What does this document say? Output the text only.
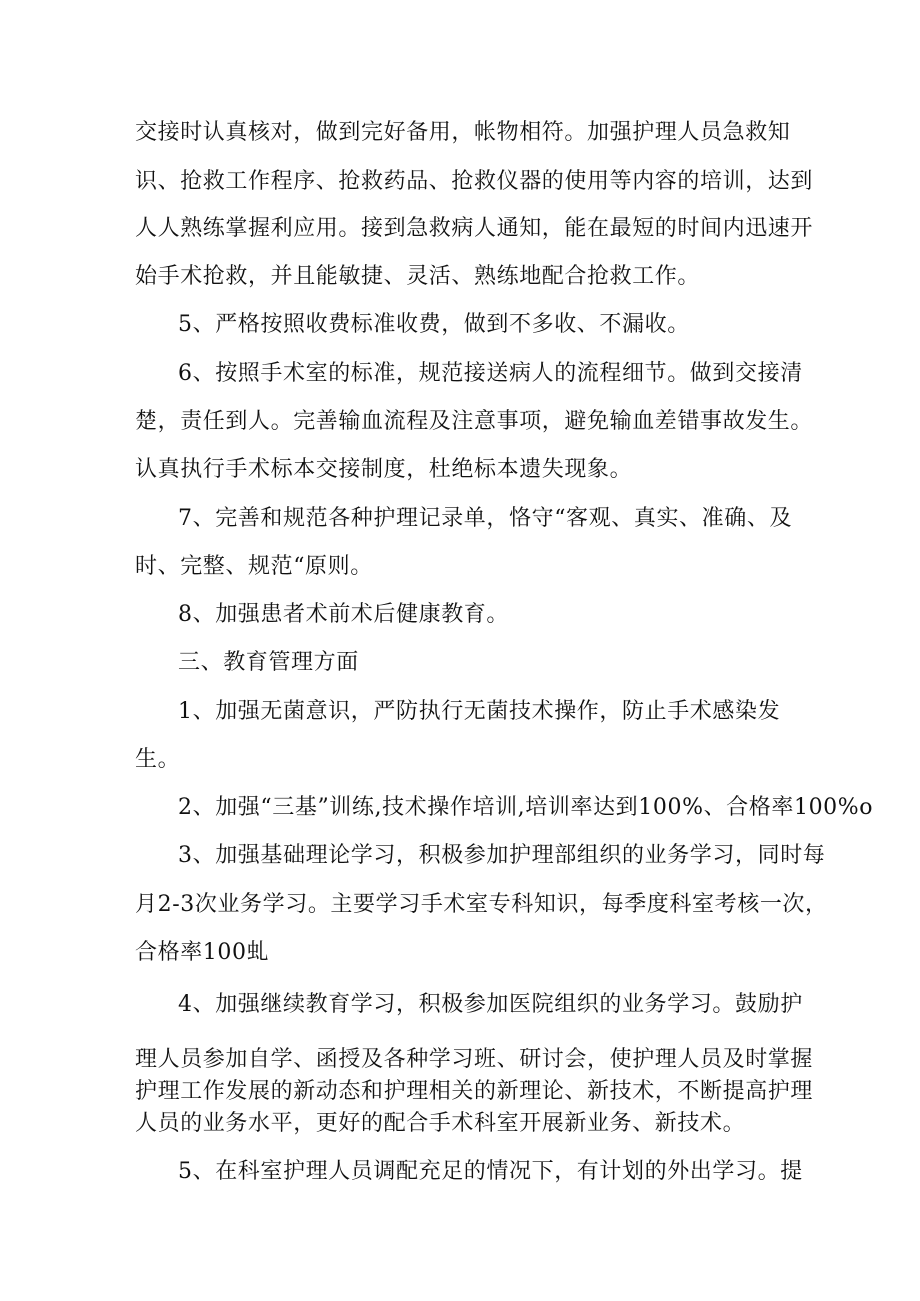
交接时认真核对，做到完好备用，帐物相符。加强护理人员急救知
识、抢救工作程序、抢救药品、抢救仪器的使用等内容的培训，达到
人人熟练掌握利应用。接到急救病人通知，能在最短的时间内迅速开
始手术抢救，并且能敏捷、灵活、熟练地配合抢救工作。
5、严格按照收费标准收费，做到不多收、不漏收。
6、按照手术室的标准，规范接送病人的流程细节。做到交接清
楚，责任到人。完善输血流程及注意事项，避免输血差错事故发生。
认真执行手术标本交接制度，杜绝标本遗失现象。
7、完善和规范各种护理记录单，恪守“客观、真实、准确、及
时、完整、规范“原则。
8、加强患者术前术后健康教育。
三、教育管理方面
1、加强无菌意识，严防执行无菌技术操作，防止手术感染发
生。
2、加强“三基”训练,技术操作培训,培训率达到100%、合格率100%o
3、加强基础理论学习，积极参加护理部组织的业务学习，同时每
月2-3次业务学习。主要学习手术室专科知识，每季度科室考核一次，
合格率100虬
4、加强继续教育学习，积极参加医院组织的业务学习。鼓励护
理人员参加自学、函授及各种学习班、研讨会，使护理人员及时掌握
护理工作发展的新动态和护理相关的新理论、新技术，不断提高护理
人员的业务水平，更好的配合手术科室开展新业务、新技术。
5、在科室护理人员调配充足的情况下，有计划的外出学习。提
